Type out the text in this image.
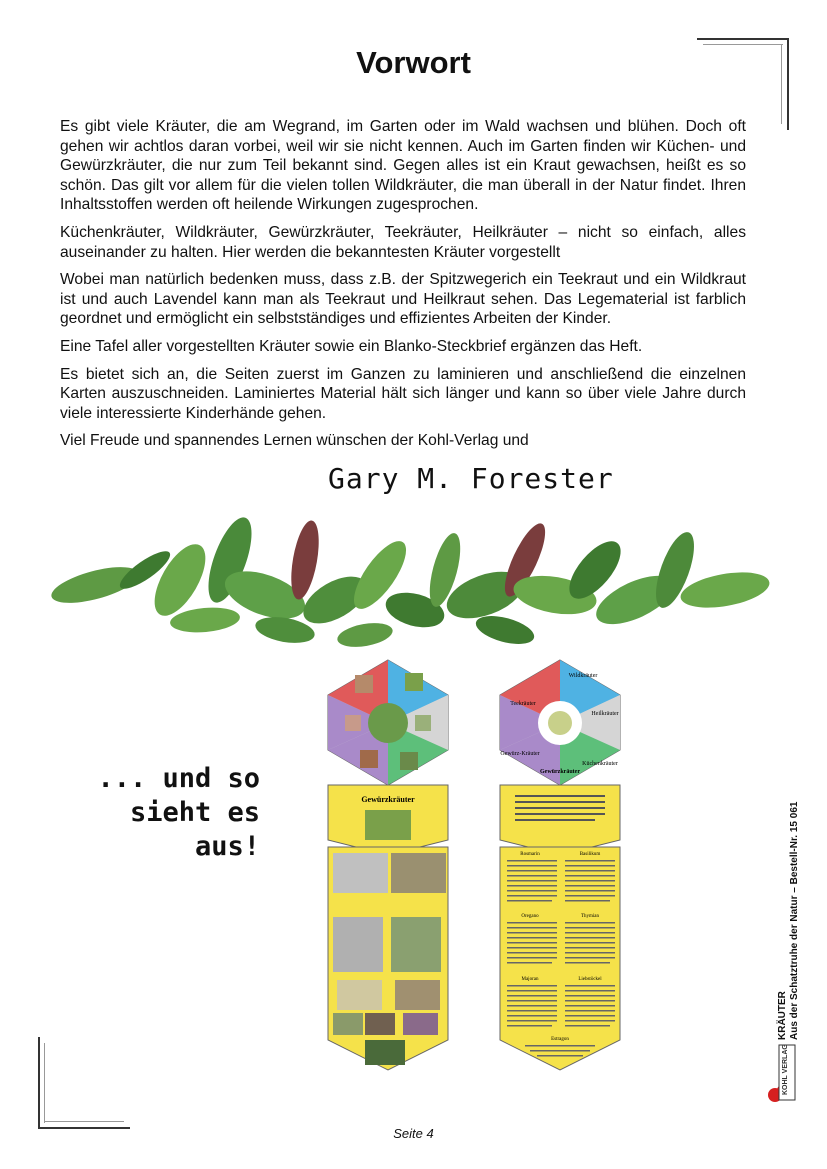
Vorwort

Es gibt viele Kräuter, die am Wegrand, im Garten oder im Wald wachsen und blühen. Doch oft gehen wir achtlos daran vorbei, weil wir sie nicht kennen. Auch im Garten finden wir Küchen- und Gewürzkräuter, die nur zum Teil bekannt sind. Gegen alles ist ein Kraut gewachsen, heißt es so schön. Das gilt vor allem für die vielen tollen Wildkräuter, die man überall in der Natur findet. Ihren Inhaltsstoffen werden oft heilende Wirkungen zugesprochen.

Küchenkräuter, Wildkräuter, Gewürzkräuter, Teekräuter, Heilkräuter – nicht so einfach, alles auseinander zu halten. Hier werden die bekanntesten Kräuter vorgestellt

Wobei man natürlich bedenken muss, dass z.B. der Spitzwegerich ein Teekraut und ein Wildkraut ist und auch Lavendel kann man als Teekraut und Heilkraut sehen. Das Legematerial ist farblich geordnet und ermöglicht ein selbstständiges und effizientes Arbeiten der Kinder.

Eine Tafel aller vorgestellten Kräuter sowie ein Blanko-Steckbrief ergänzen das Heft.

Es bietet sich an, die Seiten zuerst im Ganzen zu laminieren und anschließend die einzelnen Karten auszuschneiden. Laminiertes Material hält sich länger und kann so über viele Jahre durch viele interessierte Kinderhände gehen.

Viel Freude und spannendes Lernen wünschen der Kohl-Verlag und

Gary M. Forester
... und so
sieht es aus!
Gewürzkräuter
Wildkräuter
Heilkräuter
Küchenkräuter
Teekräuter
Gewürz-Kräuter
Gewürzkräuter
Rosmarin	Basilikum
Oregano	Thymian
Majoran	Liebstöckel
Estragon	KRÄUTER Aus der Schatztruhe der Natur – Bestell-Nr. 15 061
KOHL VERLAG
Seite 4
